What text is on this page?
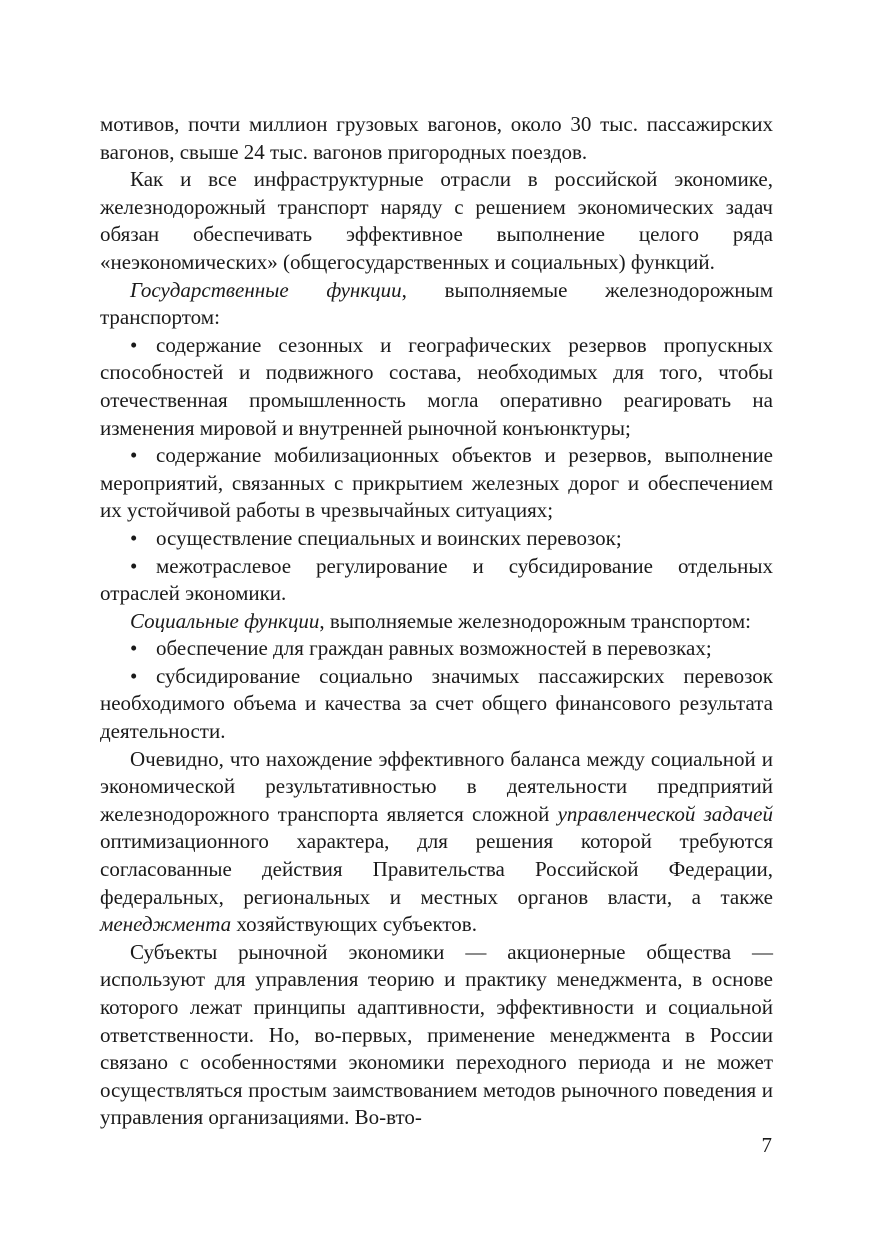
мотивов, почти миллион грузовых вагонов, около 30 тыс. пассажирских вагонов, свыше 24 тыс. вагонов пригородных поездов.

Как и все инфраструктурные отрасли в российской экономике, железнодорожный транспорт наряду с решением экономических задач обязан обеспечивать эффективное выполнение целого ряда «неэкономических» (общегосударственных и социальных) функций.

Государственные функции, выполняемые железнодорожным транспортом:

• содержание сезонных и географических резервов пропускных способностей и подвижного состава, необходимых для того, чтобы отечественная промышленность могла оперативно реагировать на изменения мировой и внутренней рыночной конъюнктуры;

• содержание мобилизационных объектов и резервов, выполнение мероприятий, связанных с прикрытием железных дорог и обеспечением их устойчивой работы в чрезвычайных ситуациях;

• осуществление специальных и воинских перевозок;

• межотраслевое регулирование и субсидирование отдельных отраслей экономики.

Социальные функции, выполняемые железнодорожным транспортом:

• обеспечение для граждан равных возможностей в перевозках;

• субсидирование социально значимых пассажирских перевозок необходимого объема и качества за счет общего финансового результата деятельности.

Очевидно, что нахождение эффективного баланса между социальной и экономической результативностью в деятельности предприятий железнодорожного транспорта является сложной управленческой задачей оптимизационного характера, для решения которой требуются согласованные действия Правительства Российской Федерации, федеральных, региональных и местных органов власти, а также менеджмента хозяйствующих субъектов.

Субъекты рыночной экономики — акционерные общества — используют для управления теорию и практику менеджмента, в основе которого лежат принципы адаптивности, эффективности и социальной ответственности. Но, во-первых, применение менеджмента в России связано с особенностями экономики переходного периода и не может осуществляться простым заимствованием методов рыночного поведения и управления организациями. Во-вто-

7
